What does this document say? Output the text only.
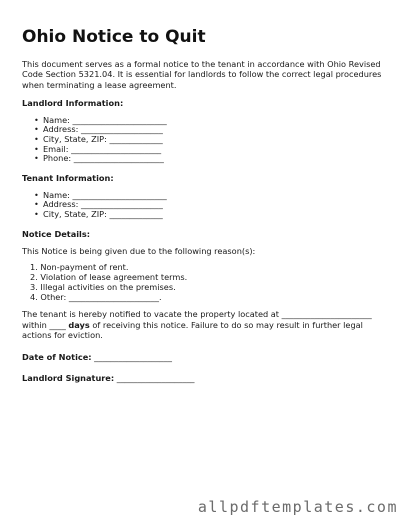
Ohio Notice to Quit

This document serves as a formal notice to the tenant in accordance with Ohio Revised Code Section 5321.04. It is essential for landlords to follow the correct legal procedures when terminating a lease agreement.

Landlord Information:

• Name: _______________________
• Address: ____________________
• City, State, ZIP: _____________
• Email: ______________________
• Phone: ______________________

Tenant Information:

• Name: _______________________
• Address: ____________________
• City, State, ZIP: _____________

Notice Details:

This Notice is being given due to the following reason(s):

1. Non-payment of rent.
2. Violation of lease agreement terms.
3. Illegal activities on the premises.
4. Other: ______________________.

The tenant is hereby notified to vacate the property located at ______________________ within ____ days of receiving this notice. Failure to do so may result in further legal actions for eviction.

Date of Notice: ___________________

Landlord Signature: ___________________

allpdftemplates.com
